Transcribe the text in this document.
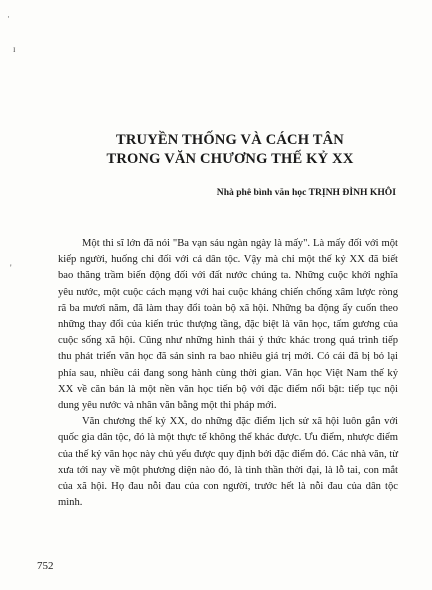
·
ɪ
'
TRUYỀN THỐNG VÀ CÁCH TÂN
TRONG VĂN CHƯƠNG THẾ KỶ XX
Nhà phê bình văn học TRỊNH ĐÌNH KHÔI

Một thi sĩ lớn đã nói "Ba vạn sáu ngàn ngày là mấy". Là mấy đối với một kiếp người, huống chi đối với cả dân tộc. Vậy mà chỉ một thế kỷ XX đã biết bao thăng trầm biến động đối với đất nước chúng ta. Những cuộc khởi nghĩa yêu nước, một cuộc cách mạng với hai cuộc kháng chiến chống xâm lược ròng rã ba mươi năm, đã làm thay đổi toàn bộ xã hội. Những ba động ấy cuốn theo những thay đổi của kiến trúc thượng tầng, đặc biệt là văn học, tấm gương của cuộc sống xã hội. Cũng như những hình thái ý thức khác trong quá trình tiếp thu phát triển văn học đã sản sinh ra bao nhiêu giá trị mới. Có cái đã bị bỏ lại phía sau, nhiều cái đang song hành cùng thời gian. Văn học Việt Nam thế kỷ XX về căn bản là một nền văn học tiến bộ với đặc điểm nổi bật: tiếp tục nội dung yêu nước và nhân văn bằng một thi pháp mới.

Văn chương thế kỷ XX, do những đặc điểm lịch sử xã hội luôn gắn với quốc gia dân tộc, đó là một thực tế không thể khác được. Ưu điểm, nhược điểm của thế kỷ văn học này chủ yếu được quy định bởi đặc điểm đó. Các nhà văn, từ xưa tới nay về một phương diện nào đó, là tinh thần thời đại, là lỗ tai, con mắt của xã hội. Họ đau nỗi đau của con người, trước hết là nỗi đau của dân tộc mình.

752
